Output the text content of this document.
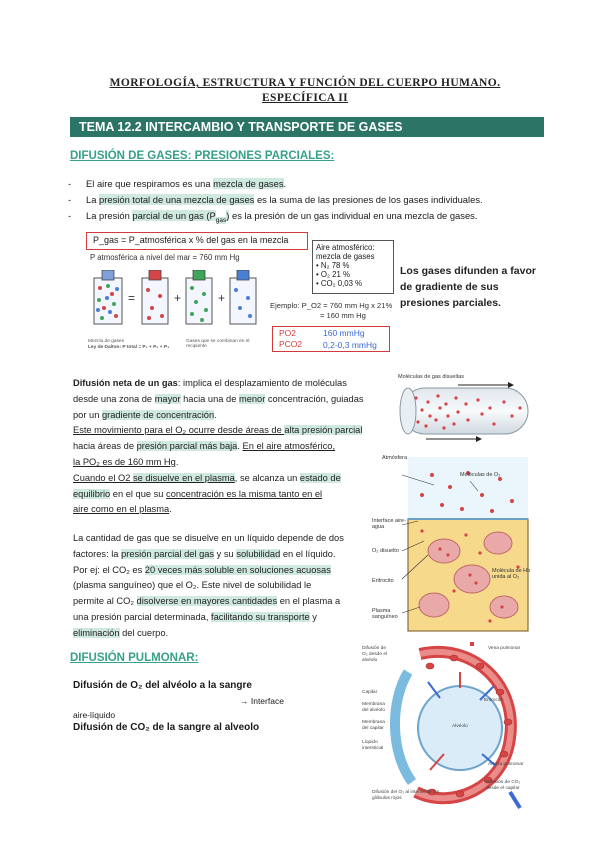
MORFOLOGÍA, ESTRUCTURA Y FUNCIÓN DEL CUERPO HUMANO.
ESPECÍFICA II
TEMA 12.2 INTERCAMBIO Y TRANSPORTE DE GASES
DIFUSIÓN DE GASES: PRESIONES PARCIALES:
- El aire que respiramos es una mezcla de gases.
- La presión total de una mezcla de gases es la suma de las presiones de los gases individuales.
- La presión parcial de un gas $(P_{gas})$ es la presión de un gas individual en una mezcla de gases.
P_gas = P_atmosférica x % del gas en la mezcla
P atmosférica a nivel del mar = 760 mm Hg
=	+	+
Mezcla de gases
Ley de Dalton: P total = P₁ + P₂ + P₃
Gases que se combinan en el recipiente
Aire atmosférico: mezcla de gases
• N₂ 78 %
• O₂ 21 %
• CO₂ 0,03 %
Ejemplo: P_O2 = 760 mm Hg x 21%
= 160 mm Hg
PO2	160 mmHg

PCO2 0,2-0,3 mmHg
Los gases difunden a favor de gradiente de sus presiones parciales.

Difusión neta de un gas: implica el desplazamiento de moléculas

desde una zona de mayor hacia una de menor concentración, guiadas

por un gradiente de concentración.

Este movimiento para el O₂ ocurre desde áreas de alta presión parcial

hacia áreas de presión parcial más baja. En el aire atmosférico,

la PO₂ es de 160 mm Hg.

Cuando el O2 se disuelve en el plasma, se alcanza un estado de

equilibrio en el que su concentración es la misma tanto en el

aire como en el plasma.

Moléculas de gas disueltas
Atmósfera
Moléculas de O₂
Interface aire-agua
O₂ disuelto
Eritrocito
Molécula de Hb unida al O₂
Plasma sanguíneo

La cantidad de gas que se disuelve en un líquido depende de dos

factores: la presión parcial del gas y su solubilidad en el líquido.

Por ej: el CO₂ es 20 veces más soluble en soluciones acuosas

(plasma sanguíneo) que el O₂. Este nivel de solubilidad le

permite al CO₂ disolverse en mayores cantidades en el plasma a

una presión parcial determinada, facilitando su transporte y

eliminación del cuerpo.

DIFUSIÓN PULMONAR:
Difusión de O₂ del alvéolo a la sangre
→ Interface
aire-líquido
Difusión de CO₂ de la sangre al alveolo
Difusión de O₂ desde el alvéolo
Capilar
Membrana del alvéolo
Membrana del capilar
Líquido intersticial
Vena pulmonar
Eritrocito
Alvéolo
Arteria pulmonar
Difusión de CO₂ desde el capilar
Difusión del O₂ al interior de los glóbulos rojos
